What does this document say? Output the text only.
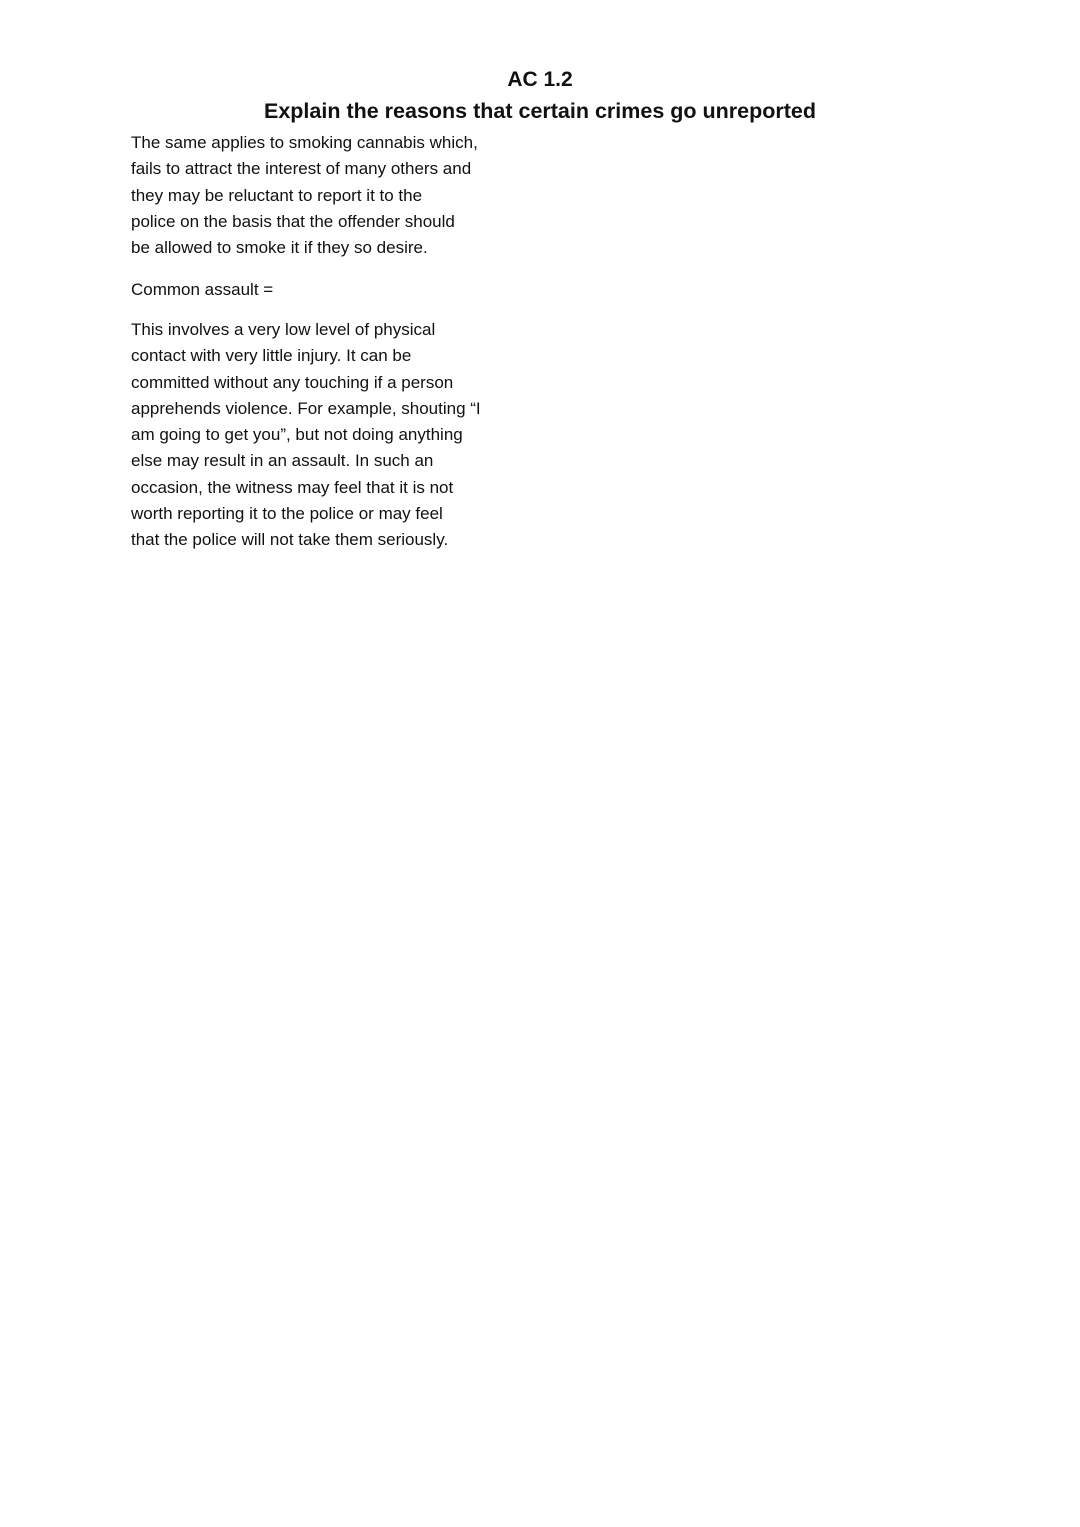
AC 1.2
Explain the reasons that certain crimes go unreported
The same applies to smoking cannabis which,
fails to attract the interest of many others and
they may be reluctant to report it to the
police on the basis that the offender should
be allowed to smoke it if they so desire.
Common assault =
This involves a very low level of physical
contact with very little injury. It can be
committed without any touching if a person
apprehends violence. For example, shouting “I
am going to get you”, but not doing anything
else may result in an assault. In such an
occasion, the witness may feel that it is not
worth reporting it to the police or may feel
that the police will not take them seriously.
